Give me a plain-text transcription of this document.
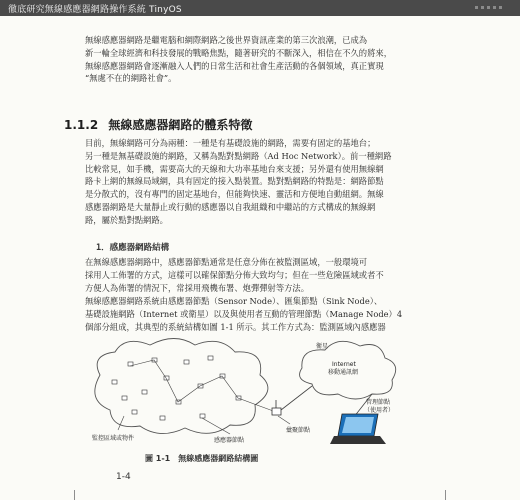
徹底研究無線感應器網路操作系統 TinyOS
無線感應器網路是繼電腦和網際網路之後世界資訊產業的第三次浪潮，已成為
新一輪全球經濟和科技發展的戰略焦點，隨著研究的不斷深入，相信在不久的將來，
無線感應器網路會逐漸融入人們的日常生活和社會生產活動的各個領域，真正實現
“無處不在的網路社會”。
1.1.2 無線感應器網路的體系特徵
目前，無線網路可分為兩種：一種是有基礎設施的網路，需要有固定的基地台；
另一種是無基礎設施的網路，又稱為點對點網路（Ad Hoc Network）。前一種網路
比較常見，如手機，需要高大的天線和大功率基地台來支援；另外還有使用無線網
路卡上網的無線局域網，具有固定的接入點裝置。點對點網路的特點是：網路節點
是分散式的，沒有專門的固定基地台，但能夠快速、靈活和方便地自動組網。無線
感應器網路是大量靜止或行動的感應器以自我組織和中繼站的方式構成的無線網
路，屬於點對點網路。
1．感應器網路結構
在無線感應器網路中，感應器節點通常是任意分佈在被監測區域，一般環境可
採用人工佈署的方式，這樣可以確保節點分佈大致均勻；但在一些危險區域或者不
方便人為佈署的情況下，常採用飛機布署、炮彈彈射等方法。
無線感應器網路系統由感應器節點（Sensor Node）、匯集節點（Sink Node）、
基礎設施網路（Internet 或衛星）以及與使用者互動的管理節點（Manage Node）4
個部分組成，其典型的系統結構如圖 1-1 所示。其工作方式為：監測區域內感應器
衛星
Internet 移動通訊網
管理節點 （使用者）
彙聚節點
監控區域或物件	感應器節點
圖 1-1　無線感應器網路結構圖
1-4
